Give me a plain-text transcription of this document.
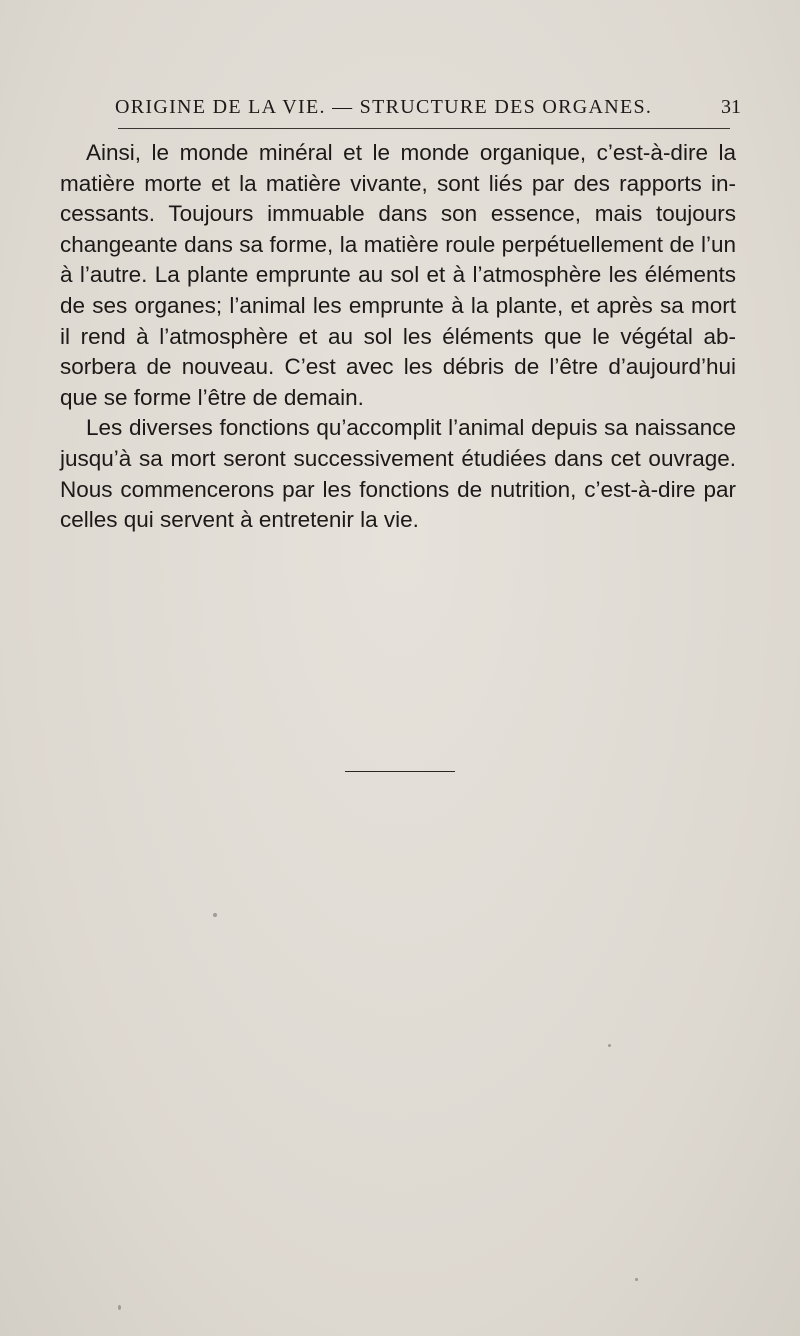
ORIGINE DE LA VIE. — STRUCTURE DES ORGANES.	31

Ainsi, le monde minéral et le monde organique, c’est-à-dire la matière morte et la matière vivante, sont liés par des rapports in-cessants. Toujours immuable dans son essence, mais toujours changeante dans sa forme, la matière roule perpétuellement de l’un à l’autre. La plante emprunte au sol et à l’atmosphère les éléments de ses organes; l’animal les emprunte à la plante, et après sa mort il rend à l’atmosphère et au sol les éléments que le végétal ab-sorbera de nouveau. C’est avec les débris de l’être d’aujourd’hui que se forme l’être de demain.

Les diverses fonctions qu’accomplit l’animal depuis sa naissance jusqu’à sa mort seront successivement étudiées dans cet ouvrage. Nous commencerons par les fonctions de nutrition, c’est-à-dire par celles qui servent à entretenir la vie.
